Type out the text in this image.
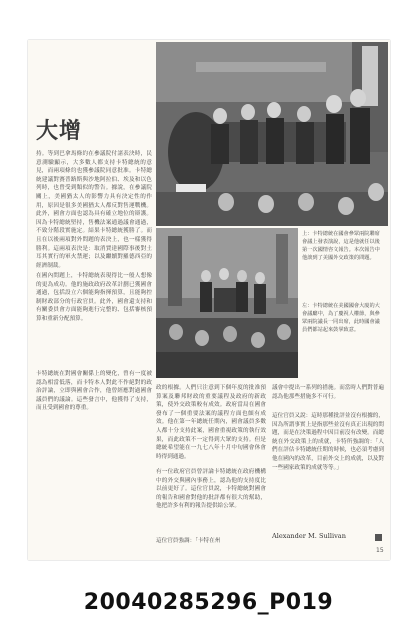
大增
持。等到巴拿馬條約在參議院付諸表決時，民意測驗顯示，大多數人都支持卡特總統的意見，而兩項條約也獲參議院同意批准。卡特總統建議對賽普路斯與沙地阿拉伯、埃及和以色列時，也曾受到類似的警告。據說，在參議院關上，美國猶太人的影響力具有決定性的作用，原因是很多美國猶太人都反對售運戰機。此外，國會方面也認為具有確立地位的辯護。因為卡特總統堅持，售機法案通過議會通過，不致分階段實施定。結果卡特總統獲勝了。而且在以後兩項對外問題的表決上，也一樣獲得勝利。這兩項表決是：取消賈達國際事後對土耳其實行的軍火禁運；以及繼續對羅德西亞的經濟制裁。
上：卡特總統在國會參眾兩院聯席會議上發表演說，這是他就任以後第一次國情咨文報告。本次報告中他談到了美國外交政策的問題。
左：卡特總統在美國國會大廈的大會議廳中，為了慶祝人權節，與參眾兩院議長一同出席，此時國會議員們都站起來鼓掌致意。
在國內問題上，卡特總統表現得比一般人想像的更為成功。他的施政政府改革計劃已獲國會通過，包括設立六個能夠指揮預算，且能夠控制財政部分的行政官員。此外，國會還支持和有關委員會方面能夠進行完整的、包括審核預算和重新分配預算。
卡特總統在對國會關係上的變化，曾有一度被認為相當低落，而卡特本人對此不作絕對的政治評論，立即與國會合作，他曾經應對過國會議員們的議論。這些發言中，他獲得了支持，而且受到國會的尊重。
政的根據。人們只注意到下個年度的批准預算案及聯邦財政的重要議程及政府的新政策，使外交政策較有成效。政府當局在國會發布了一個重要法案的議程方面也頗有成效。他在第一年總統任期內，國會議員多數人都十分支持此案，國會重視政策的執行效果，而此政策不一定得到大眾的支持。但是總統希望能在一九七八年十月中旬國會休會時得到通過。
有一位政府官員曾評論卡特總統在政府機構中的外交與國內事務上，認為他的支持度比以前更好了。這位官員說，卡特總統對國會的報告和國會對他的批評都有很大的幫助，他把許多有利的報告提供給公眾。
這位官員強調：「卡特在州
議會中提出一系列的措施。而當時人們對普遍認為他那些措施多不可行。
這位官員又說：這時那種批評並沒有根據的，因為所謂事實上是指那些並沒有真正出現的問題，而是在決策過程中因目前沒有改變。而總統在外交政策上的成就，卡特所強調的：「人們在評估卡特總統任期的時候，也必須考慮到他在國內的改革，目前外交上的成就，以及對一些國家政策的成就等等。」
Alexander M. Sullivan
15
20040285296_P019
